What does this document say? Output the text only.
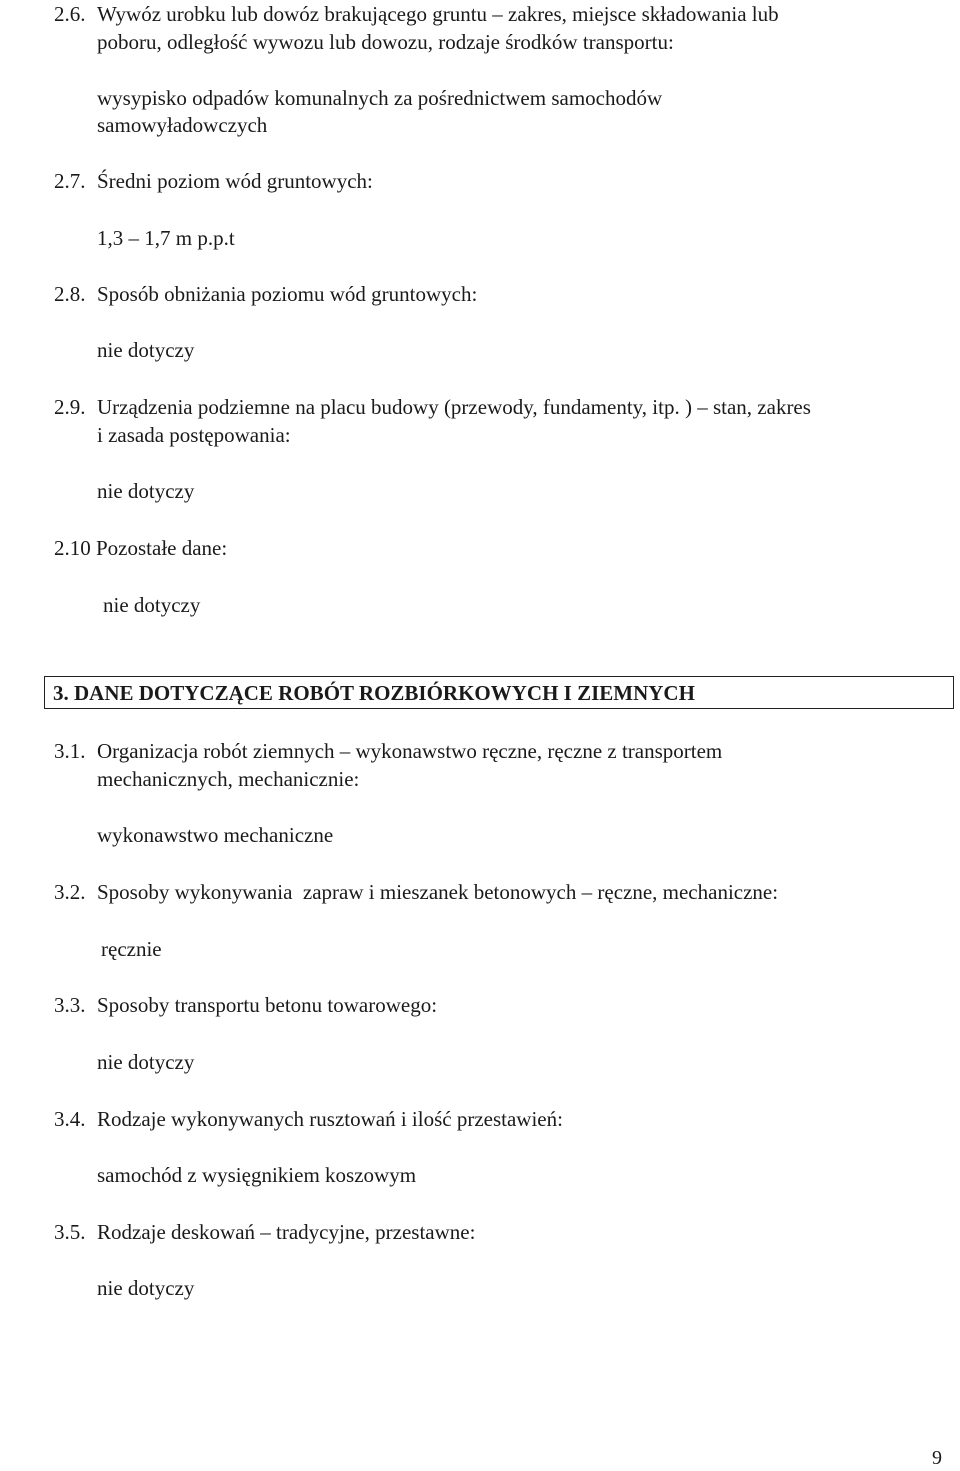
2.6. Wywóz urobku lub dowóz brakującego gruntu – zakres, miejsce składowania lub
poboru, odległość wywozu lub dowozu, rodzaje środków transportu:
wysypisko odpadów komunalnych za pośrednictwem samochodów
samowyładowczych
2.7. Średni poziom wód gruntowych:
1,3 – 1,7 m p.p.t
2.8. Sposób obniżania poziomu wód gruntowych:
nie dotyczy
2.9. Urządzenia podziemne na placu budowy (przewody, fundamenty, itp. ) – stan, zakres
i zasada postępowania:
nie dotyczy
2.10 Pozostałe dane:
nie dotyczy
3. DANE DOTYCZĄCE ROBÓT ROZBIÓRKOWYCH I ZIEMNYCH
3.1. Organizacja robót ziemnych – wykonawstwo ręczne, ręczne z transportem
mechanicznych, mechanicznie:
wykonawstwo mechaniczne
3.2. Sposoby wykonywania  zapraw i mieszanek betonowych – ręczne, mechaniczne:
ręcznie
3.3. Sposoby transportu betonu towarowego:
nie dotyczy
3.4. Rodzaje wykonywanych rusztowań i ilość przestawień:
samochód z wysięgnikiem koszowym
3.5. Rodzaje deskowań – tradycyjne, przestawne:
nie dotyczy
9
